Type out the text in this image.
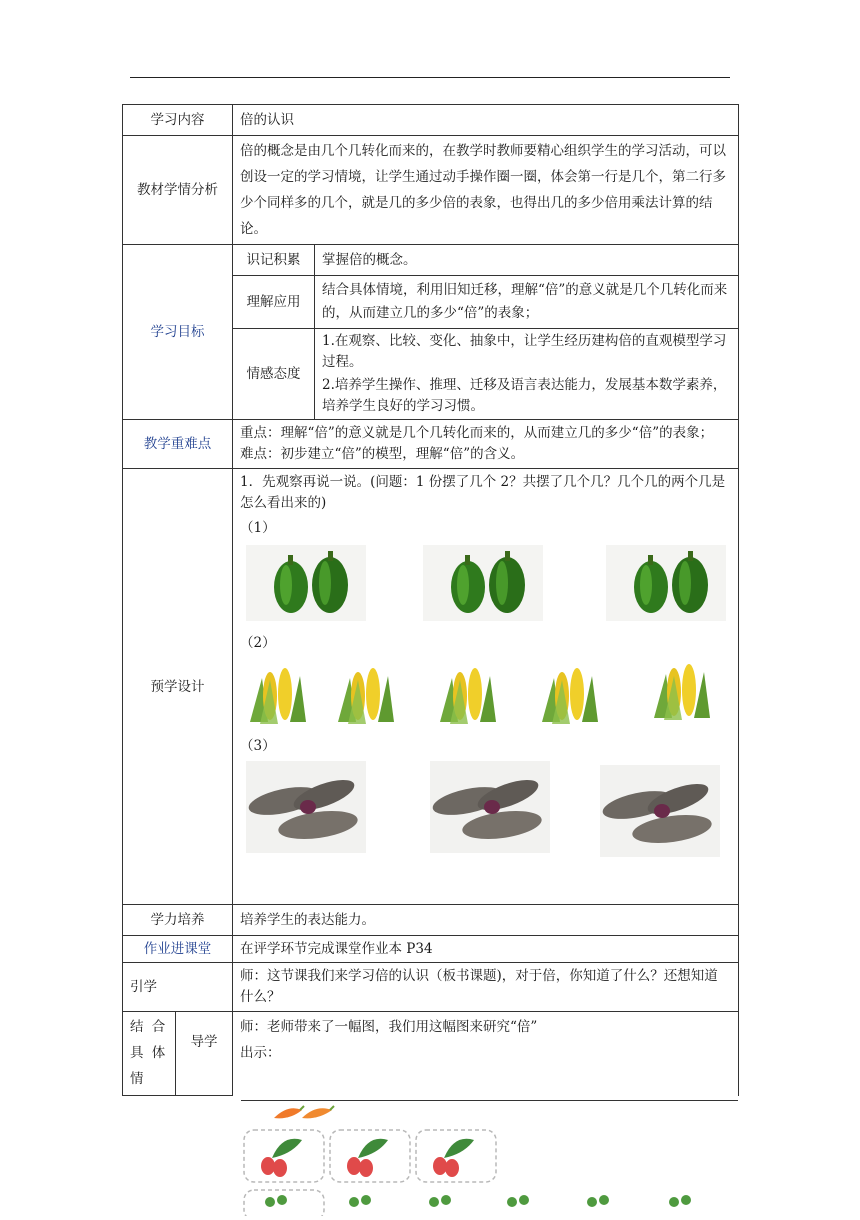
学习内容		倍的认识	
教材学情分析		倍的概念是由几个几转化而来的，在教学时教师要精心组织学生的学习活动，可以创设一定的学习情境，让学生通过动手操作圈一圈，体会第一行是几个，第二行多少个同样多的几个，就是几的多少倍的表象，也得出几的多少倍用乘法计算的结论。	
学习目标		识记积累	掌握倍的概念。
		理解应用	结合具体情境，利用旧知迁移，理解“倍”的意义就是几个几转化而来的，从而建立几的多少“倍”的表象；
		情感态度	1.在观察、比较、变化、抽象中，让学生经历建构倍的直观模型学习过程。
2.培养学生操作、推理、迁移及语言表达能力，发展基本数学素养，培养学生良好的学习习惯。

教学重难点		重点：理解“倍”的意义就是几个几转化而来的，从而建立几的多少“倍”的表象；
难点：初步建立“倍”的模型，理解“倍”的含义。	

预学设计		1．先观察再说一说。(问题：1 份摆了几个 2？共摆了几个几？几个几的两个几是怎么看出来的)
（1）
（2）
（3）	

学力培养		培养学生的表达能力。	
作业进课堂		在评学环节完成课堂作业本 P34	
引学		师：这节课我们来学习倍的认识（板书课题)，对于倍，你知道了什么？还想知道什么？	
结 合 具 体 情	导学	师：老师带来了一幅图，我们用这幅图来研究“倍”
出示：	
